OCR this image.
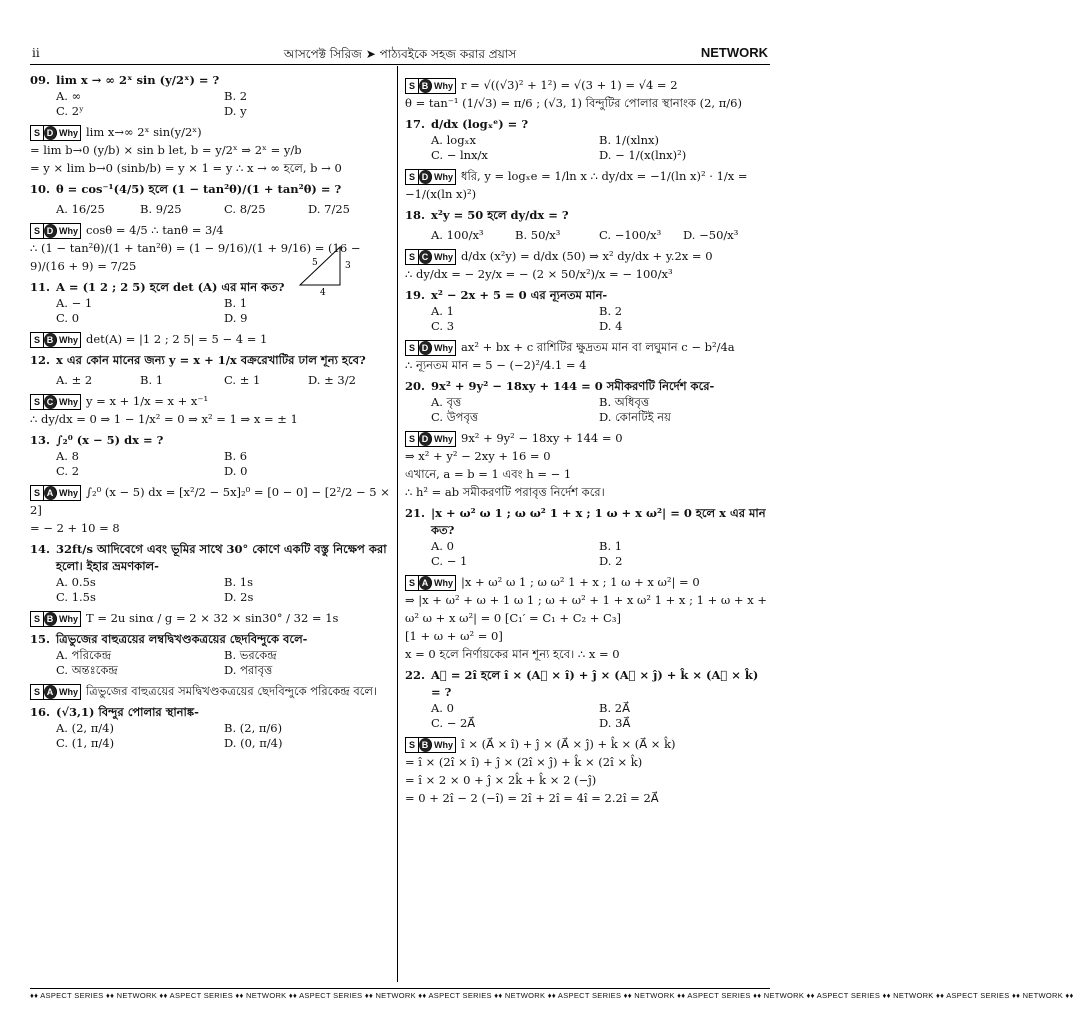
ii	আসপেক্ট সিরিজ ➤ পাঠ্যবইকে সহজ করার প্রয়াস	NETWORK
09. lim x → ∞ 2ˣ sin (y/2ˣ) = ?
A. ∞	B. 2
C. 2ʸ	D. y
S D Why lim x→∞ 2ˣ sin(y/2ˣ)
= lim b→0 (y/b) × sin b let, b = y/2ˣ ⇒ 2ˣ = y/b
= y × lim b→0 (sinb/b) = y × 1 = y ∴ x → ∞ হলে, b → 0
10. θ = cos⁻¹(4/5) হলে (1 − tan²θ)/(1 + tan²θ) = ?
A. 16/25	B. 9/25	C. 8/25	D. 7/25
S D Why cosθ = 4/5 ∴ tanθ = 3/4
∴ (1 − tan²θ)/(1 + tan²θ) = (1 − 9/16)/(1 + 9/16) = (16 − 9)/(16 + 9) = 7/25	5	3
4
11. A = (1 2 ; 2 5) হলে det (A) এর মান কত?
A. − 1	B. 1
C. 0	D. 9
S B Why det(A) = |1 2 ; 2 5| = 5 − 4 = 1
12. x এর কোন মানের জন্য y = x + 1/x বক্ররেখাটির ঢাল শূন্য হবে?
A. ± 2	B. 1	C. ± 1	D. ± 3/2
S C Why y = x + 1/x = x + x⁻¹
∴ dy/dx = 0 ⇒ 1 − 1/x² = 0 ⇒ x² = 1 ⇒ x = ± 1
13. ∫₂⁰ (x − 5) dx = ?
A. 8	B. 6
C. 2	D. 0
S A Why ∫₂⁰ (x − 5) dx = [x²/2 − 5x]₂⁰ = [0 − 0] − [2²/2 − 5 × 2]
= − 2 + 10 = 8
14. 32ft/s আদিবেগে এবং ভূমির সাথে 30° কোণে একটি বস্তু নিক্ষেপ করা হলো। ইহার ভ্রমণকাল-
A. 0.5s	B. 1s
C. 1.5s	D. 2s
S B Why T = 2u sinα / g = 2 × 32 × sin30° / 32 = 1s
15. ত্রিভুজের বাহুত্রয়ের লম্বদ্বিখণ্ডকত্রয়ের ছেদবিন্দুকে বলে-
A. পরিকেন্দ্র	B. ভরকেন্দ্র
C. অন্তঃকেন্দ্র	D. পরাবৃত্ত
S A Why ত্রিভুজের বাহুত্রয়ের সমদ্বিখণ্ডকত্রয়ের ছেদবিন্দুকে পরিকেন্দ্র বলে।
16. (√3,1) বিন্দুর পোলার স্থানাঙ্ক-
A. (2, π/4)	B. (2, π/6)
C. (1, π/4)	D. (0, π/4)
S B Why r = √((√3)² + 1²) = √(3 + 1) = √4 = 2
θ = tan⁻¹ (1/√3) = π/6 ; (√3, 1) বিন্দুটির পোলার স্থানাংক (2, π/6)
17. d/dx (logₓᵉ) = ?
A. logₓx	B. 1/(xlnx)
C. − lnx/x	D. − 1/(x(lnx)²)
S D Why ধরি, y = logₓe = 1/ln x ∴ dy/dx = −1/(ln x)² · 1/x = −1/(x(ln x)²)
18. x²y = 50 হলে dy/dx = ?
A. 100/x³	B. 50/x³	C. −100/x³	D. −50/x³
S C Why d/dx (x²y) = d/dx (50) ⇒ x² dy/dx + y.2x = 0
∴ dy/dx = − 2y/x = − (2 × 50/x²)/x = − 100/x³
19. x² − 2x + 5 = 0 এর ন্যূনতম মান-
A. 1	B. 2
C. 3	D. 4
S D Why ax² + bx + c রাশিটির ক্ষুদ্রতম মান বা লঘুমান c − b²/4a
∴ ন্যূনতম মান = 5 − (−2)²/4.1 = 4
20. 9x² + 9y² − 18xy + 144 = 0 সমীকরণটি নির্দেশ করে-
A. বৃত্ত	B. অধিবৃত্ত
C. উপবৃত্ত	D. কোনটিই নয়
S D Why 9x² + 9y² − 18xy + 144 = 0
⇒ x² + y² − 2xy + 16 = 0
এখানে, a = b = 1 এবং h = − 1
∴ h² = ab সমীকরণটি পরাবৃত্ত নির্দেশ করে।
21. |x + ω² ω 1 ; ω ω² 1 + x ; 1 ω + x ω²| = 0 হলে x এর মান কত?
A. 0	B. 1
C. − 1	D. 2
S A Why |x + ω² ω 1 ; ω ω² 1 + x ; 1 ω + x ω²| = 0
⇒ |x + ω² + ω + 1 ω 1 ; ω + ω² + 1 + x ω² 1 + x ; 1 + ω + x + ω² ω + x ω²| = 0 [C₁′ = C₁ + C₂ + C₃]
[1 + ω + ω² = 0]
x = 0 হলে নির্ণায়কের মান শূন্য হবে। ∴ x = 0
22. A⃗ = 2î হলে î × (A⃗ × î) + ĵ × (A⃗ × ĵ) + k̂ × (A⃗ × k̂) = ?
A. 0	B. 2A⃗
C. − 2A⃗	D. 3A⃗
S B Why î × (A⃗ × î) + ĵ × (A⃗ × ĵ) + k̂ × (A⃗ × k̂)
= î × (2î × î) + ĵ × (2î × ĵ) + k̂ × (2î × k̂)
= î × 2 × 0 + ĵ × 2k̂ + k̂ × 2 (−ĵ)
= 0 + 2î − 2 (−î) = 2î + 2î = 4î = 2.2î = 2A⃗
♦♦ ASPECT SERIES ♦♦ NETWORK ♦♦ ASPECT SERIES ♦♦ NETWORK ♦♦ ASPECT SERIES ♦♦ NETWORK ♦♦ ASPECT SERIES ♦♦ NETWORK ♦♦ ASPECT SERIES ♦♦ NETWORK ♦♦ ASPECT SERIES ♦♦ NETWORK ♦♦ ASPECT SERIES ♦♦ NETWORK ♦♦ ASPECT SERIES ♦♦ NETWORK ♦♦
